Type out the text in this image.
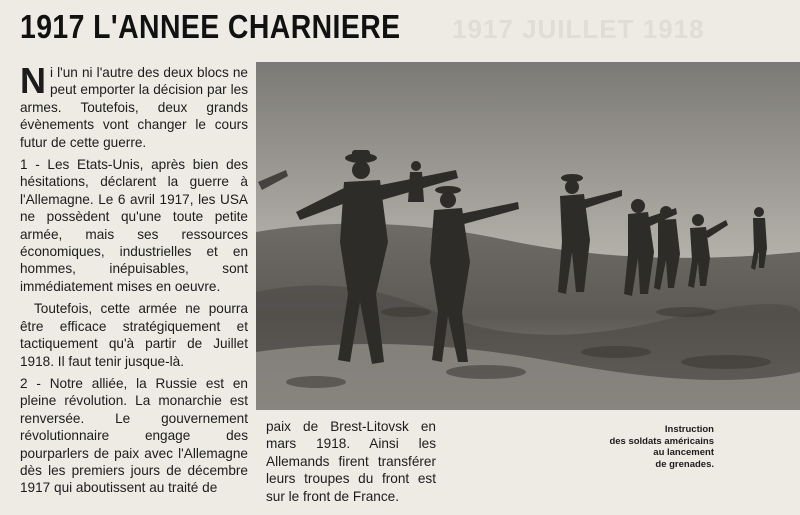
1917 JUILLET 1918
1917 L'ANNEE CHARNIERE

Ni l'un ni l'autre des deux blocs ne peut emporter la décision par les armes. Toutefois, deux grands évènements vont changer le cours futur de cette guerre.

1 - Les Etats-Unis, après bien des hésitations, déclarent la guerre à l'Allemagne. Le 6 avril 1917, les USA ne possèdent qu'une toute petite armée, mais ses ressources économiques, industrielles et en hommes, inépuisables, sont immédiatement mises en oeuvre.

Toutefois, cette armée ne pourra être efficace stratégiquement et tactiquement qu'à partir de Juillet 1918. Il faut tenir jusque-là.

2 - Notre alliée, la Russie est en pleine révolution. La monarchie est renversée. Le gouvernement révolutionnaire engage des pourparlers de paix avec l'Allemagne dès les premiers jours de décembre 1917 qui aboutissent au traité de

paix de Brest-Litovsk en mars 1918. Ainsi les Allemands firent transférer leurs troupes du front est sur le front de France.
Instruction
des soldats américains
au lancement
de grenades.
